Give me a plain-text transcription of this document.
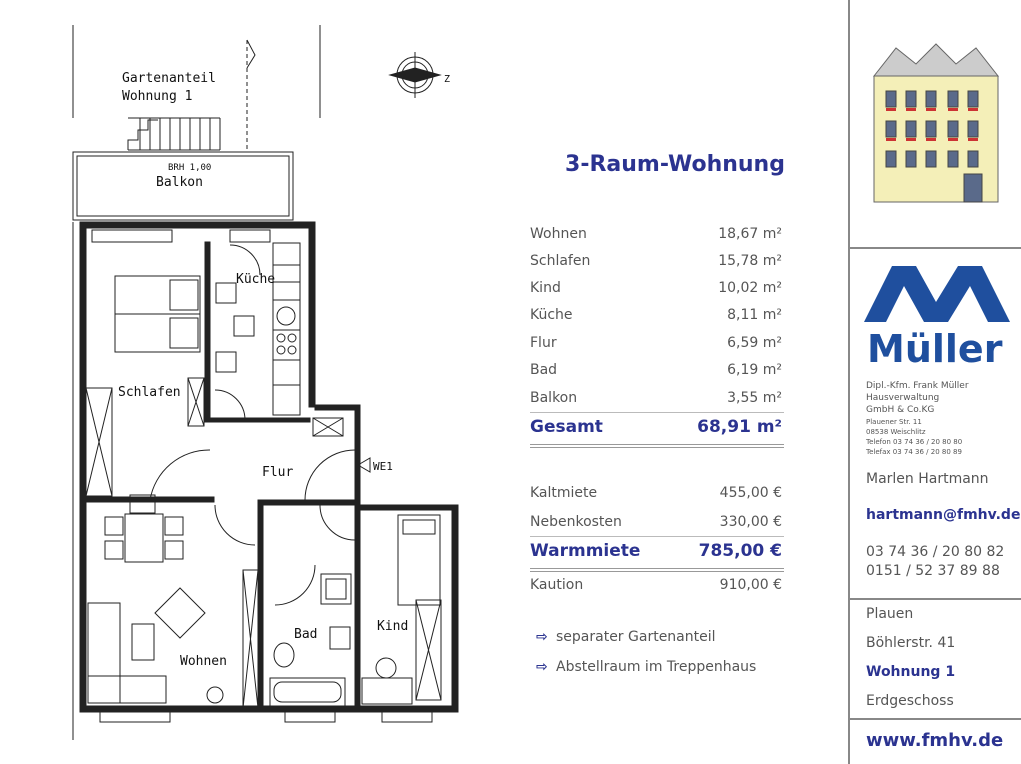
Gartenanteil
Wohnung 1
BRH 1,00
Balkon
Z
Küche
Schlafen
Flur	WE1
Bad
Kind
Wohnen
3-Raum-Wohnung
Wohnen	18,67 m²
Schlafen	15,78 m²
Kind	10,02 m²
Küche	8,11 m²
Flur	6,59 m²
Bad	6,19 m²
Balkon	3,55 m²
Gesamt	68,91 m²
Kaltmiete	455,00 €
Nebenkosten	330,00 €
Warmmiete	785,00 €
Kaution	910,00 €
⇨ separater Gartenanteil
⇨ Abstellraum im Treppenhaus
Müller
Dipl.-Kfm. Frank Müller
Hausverwaltung
GmbH & Co.KG
Plauener Str. 11
08538 Weischlitz
Telefon 03 74 36 / 20 80 80
Telefax 03 74 36 / 20 80 89
Marlen Hartmann
hartmann@fmhv.de
03 74 36 / 20 80 82
0151 / 52 37 89 88
Plauen
Böhlerstr. 41
Wohnung 1
Erdgeschoss
www.fmhv.de
